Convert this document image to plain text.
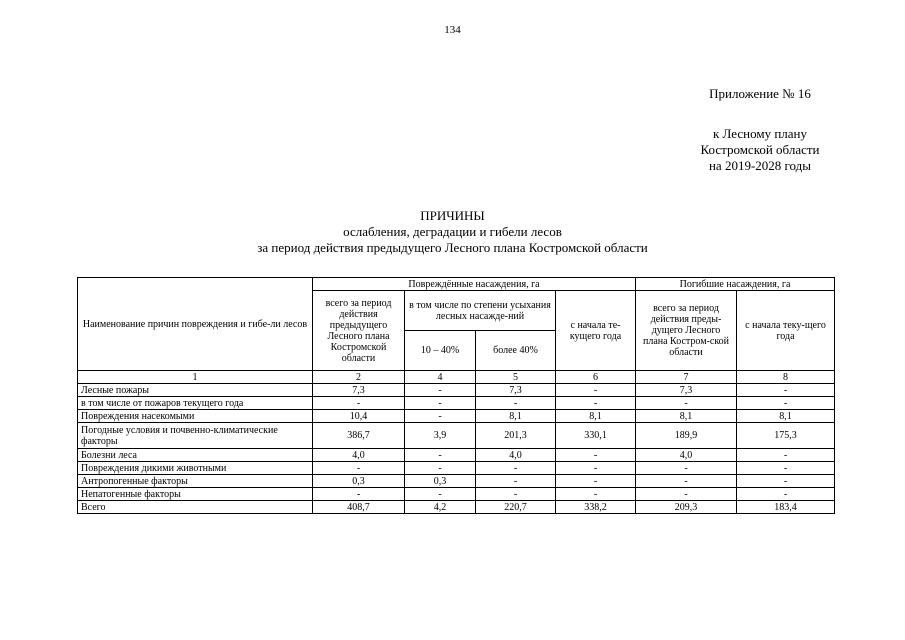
134
Приложение № 16
к Лесному плану
Костромской области
на 2019-2028 годы
ПРИЧИНЫ
ослабления, деградации и гибели лесов
за период действия предыдущего Лесного плана Костромской области
Наименование причин повреждения и гибе-ли лесов	Повреждённые насаждения, га				Погибшие насаждения, га	
	всего за период действия предыдущего Лесного плана Костромской области	в том числе по степени усыхания лесных насажде-ний		с начала те-кущего года	всего за период действия преды-дущего Лесного плана Костром-ской области	с начала теку-щего года
		10 – 40%	более 40%			
1	2	4	5	6	7	8
Лесные пожары	7,3	-	7,3	-	7,3	-
в том числе от пожаров текущего года	-	-	-	-	-	-
Повреждения насекомыми	10,4	-	8,1	8,1	8,1	8,1
Погодные условия и почвенно-климатические факторы	386,7	3,9	201,3	330,1	189,9	175,3
Болезни леса	4,0	-	4,0	-	4,0	-
Повреждения дикими животными	-	-	-	-	-	-
Антропогенные факторы	0,3	0,3	-	-	-	-
Непатогенные факторы	-	-	-	-	-	-
Всего	408,7	4,2	220,7	338,2	209,3	183,4
